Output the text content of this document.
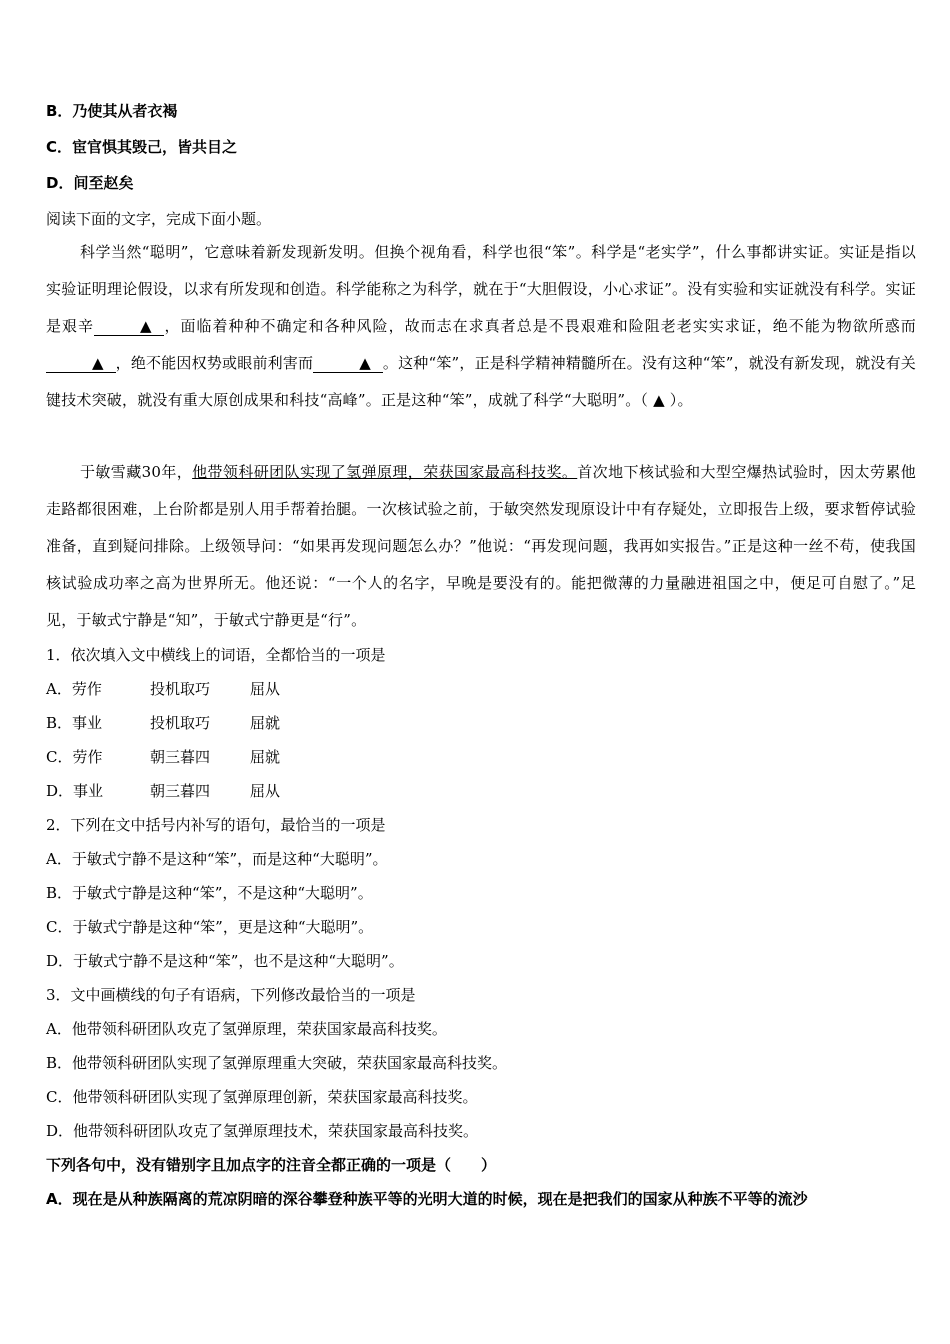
B．乃使其从者衣褐
C．宦官惧其毁己，皆共目之
D．间至赵矣
阅读下面的文字，完成下面小题。
科学当然“聪明”，它意味着新发现新发明。但换个视角看，科学也很“笨”。科学是“老实学”，什么事都讲实证。实证是指以实验证明理论假设，以求有所发现和创造。科学能称之为科学，就在于“大胆假设，小心求证”。没有实验和实证就没有科学。实证是艰辛	▲ ，面临着种种不确定和各种风险，故而志在求真者总是不畏艰难和险阻老老实实求证，绝不能为物欲所惑而  ▲ ，绝不能因权势或眼前利害而	▲ 。这种“笨”，正是科学精神精髓所在。没有这种“笨”，就没有新发现，就没有关键技术突破，就没有重大原创成果和科技“高峰”。正是这种“笨”，成就了科学“大聪明”。（ ▲ ）。
于敏雪藏30年，他带领科研团队实现了氢弹原理，荣获国家最高科技奖。首次地下核试验和大型空爆热试验时，因太劳累他走路都很困难，上台阶都是别人用手帮着抬腿。一次核试验之前，于敏突然发现原设计中有存疑处，立即报告上级，要求暂停试验准备，直到疑问排除。上级领导问：“如果再发现问题怎么办？”他说：“再发现问题，我再如实报告。”正是这种一丝不苟，使我国核试验成功率之高为世界所无。他还说：“一个人的名字，早晚是要没有的。能把微薄的力量融进祖国之中，便足可自慰了。”足见，于敏式宁静是“知”，于敏式宁静更是“行”。
1．依次填入文中横线上的词语，全都恰当的一项是
A．劳作	投机取巧	屈从
B．事业	投机取巧	屈就
C．劳作	朝三暮四	屈就
D．事业	朝三暮四	屈从
2．下列在文中括号内补写的语句，最恰当的一项是
A．于敏式宁静不是这种“笨”，而是这种“大聪明”。
B．于敏式宁静是这种“笨”，不是这种“大聪明”。
C．于敏式宁静是这种“笨”，更是这种“大聪明”。
D．于敏式宁静不是这种“笨”，也不是这种“大聪明”。
3．文中画横线的句子有语病，下列修改最恰当的一项是
A．他带领科研团队攻克了氢弹原理，荣获国家最高科技奖。
B．他带领科研团队实现了氢弹原理重大突破，荣获国家最高科技奖。
C．他带领科研团队实现了氢弹原理创新，荣获国家最高科技奖。
D．他带领科研团队攻克了氢弹原理技术，荣获国家最高科技奖。
下列各句中，没有错别字且加点字的注音全都正确的一项是（　　）
A．现在是从种族隔离的荒凉阴暗的深谷攀登种族平等的光明大道的时候，现在是把我们的国家从种族不平等的流沙
